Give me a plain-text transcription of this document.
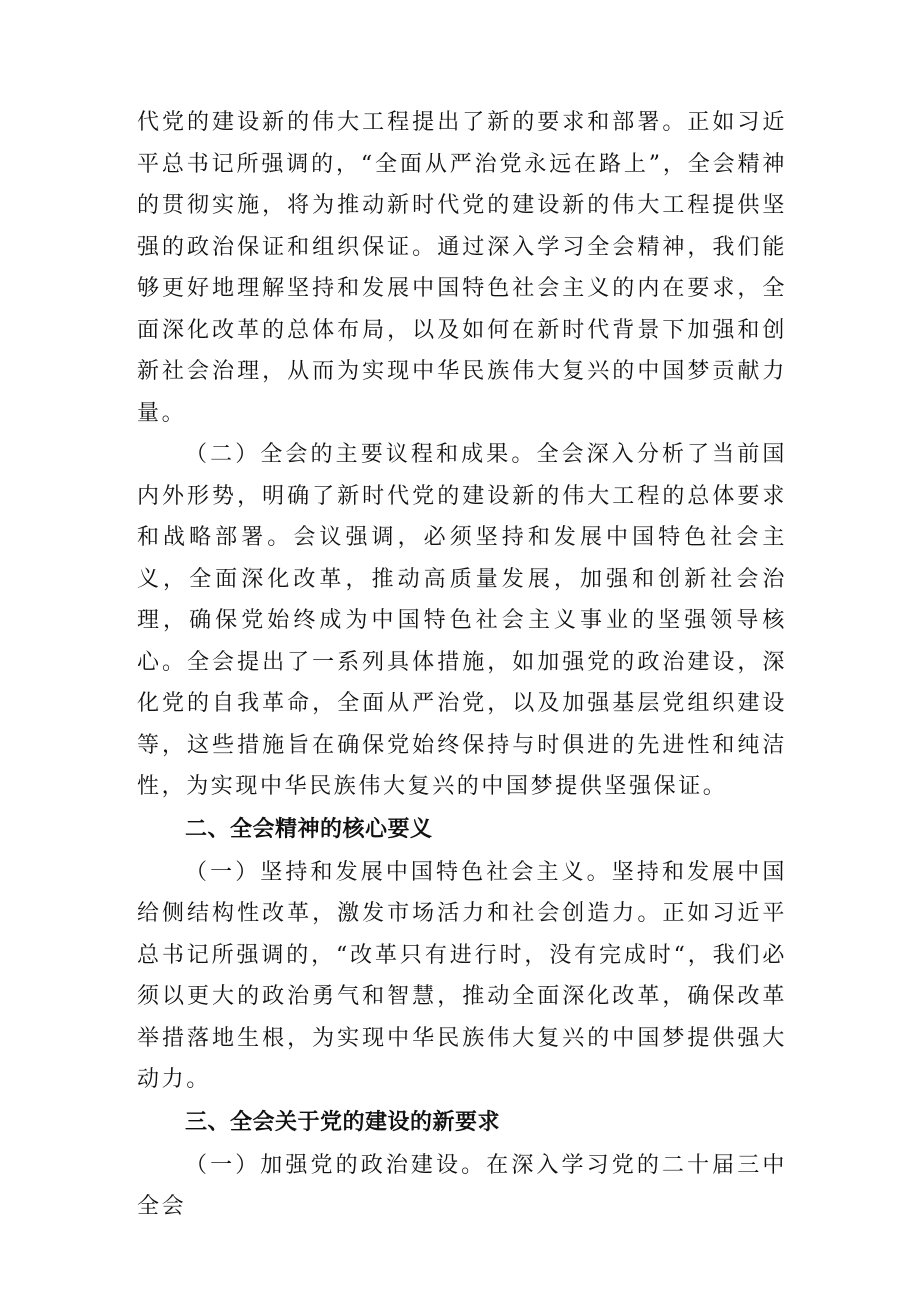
代党的建设新的伟大工程提出了新的要求和部署。正如习近平总书记所强调的，“全面从严治党永远在路上”，全会精神的贯彻实施，将为推动新时代党的建设新的伟大工程提供坚强的政治保证和组织保证。通过深入学习全会精神，我们能够更好地理解坚持和发展中国特色社会主义的内在要求，全面深化改革的总体布局，以及如何在新时代背景下加强和创新社会治理，从而为实现中华民族伟大复兴的中国梦贡献力量。

（二）全会的主要议程和成果。全会深入分析了当前国内外形势，明确了新时代党的建设新的伟大工程的总体要求和战略部署。会议强调，必须坚持和发展中国特色社会主义，全面深化改革，推动高质量发展，加强和创新社会治理，确保党始终成为中国特色社会主义事业的坚强领导核心。全会提出了一系列具体措施，如加强党的政治建设，深化党的自我革命，全面从严治党，以及加强基层党组织建设等，这些措施旨在确保党始终保持与时俱进的先进性和纯洁性，为实现中华民族伟大复兴的中国梦提供坚强保证。

二、全会精神的核心要义

（一）坚持和发展中国特色社会主义。坚持和发展中国给侧结构性改革，激发市场活力和社会创造力。正如习近平总书记所强调的，“改革只有进行时，没有完成时“，我们必须以更大的政治勇气和智慧，推动全面深化改革，确保改革举措落地生根，为实现中华民族伟大复兴的中国梦提供强大动力。

三、全会关于党的建设的新要求

（一）加强党的政治建设。在深入学习党的二十届三中全会
